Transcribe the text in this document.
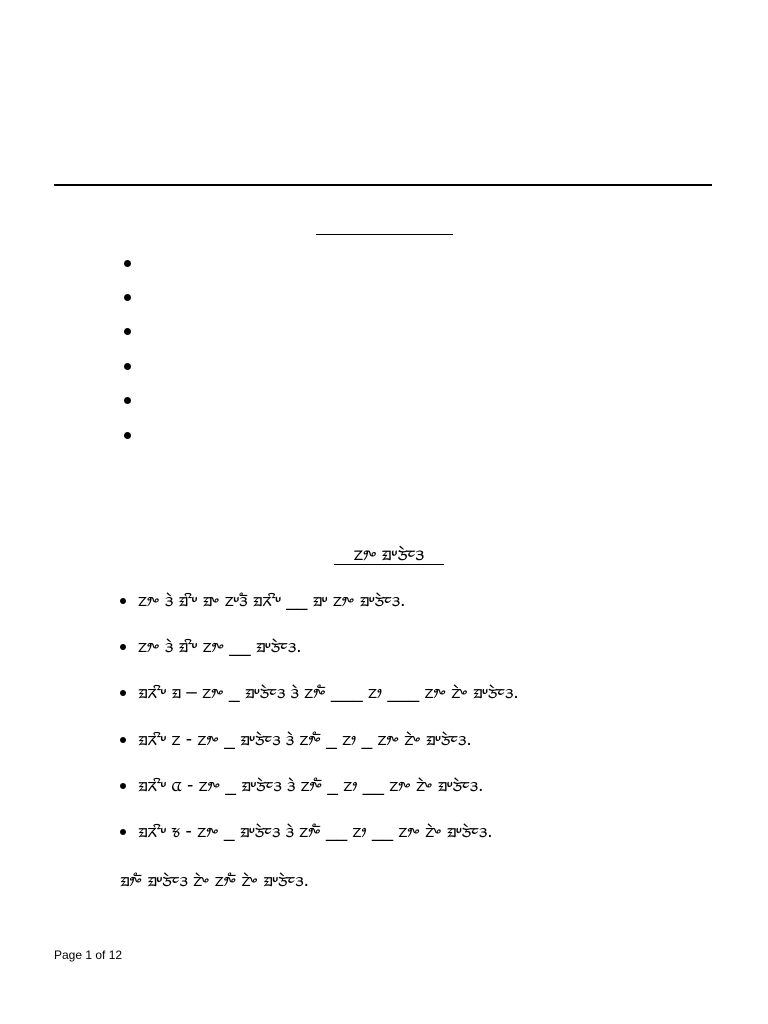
ᤁᤣᤴ ᤀᤸᤍᤧᤰᤋ
ᤁᤣᤴ ᤋᤧ ᤀᤡᤸ ᤀᤴ ᤁᤸᤋᤠ ᤀᤖᤡᤸ __ ᤀᤸ ᤁᤣᤴ ᤀᤸᤍᤧᤰᤋ.
ᤁᤣᤴ ᤋᤧ ᤀᤡᤸ ᤁᤣᤴ __ ᤀᤸᤍᤧᤰᤋ.
ᤀᤖᤡᤸ ᤀ – ᤁᤣᤴ _ ᤀᤸᤍᤧᤰᤋ ᤋᤧ ᤁᤣᤴᤠ ___ ᤁᤣ ___ ᤁᤣᤴ ᤁᤧᤴ ᤀᤸᤍᤧᤰᤋ.
ᤀᤖᤡᤸ ᤁ - ᤁᤣᤴ _ ᤀᤸᤍᤧᤰᤋ ᤋᤧ ᤁᤣᤴᤠ _ ᤁᤣ _ ᤁᤣᤴ ᤁᤧᤴ ᤀᤸᤍᤧᤰᤋ.
ᤀᤖᤡᤸ ᤂ - ᤁᤣᤴ _ ᤀᤸᤍᤧᤰᤋ ᤋᤧ ᤁᤣᤴᤠ _ ᤁᤣ __ ᤁᤣᤴ ᤁᤧᤴ ᤀᤸᤍᤧᤰᤋ.
ᤀᤖᤡᤸ ᤃ - ᤁᤣᤴ _ ᤀᤸᤍᤧᤰᤋ ᤋᤧ ᤁᤣᤴᤠ __ ᤁᤣ __ ᤁᤣᤴ ᤁᤧᤴ ᤀᤸᤍᤧᤰᤋ.
ᤀᤣᤴᤠ ᤀᤸᤍᤧᤰᤋ ᤁᤧᤴ ᤁᤣᤴᤠ ᤁᤧᤴ ᤀᤸᤍᤧᤰᤋ.
Page 1 of 12
